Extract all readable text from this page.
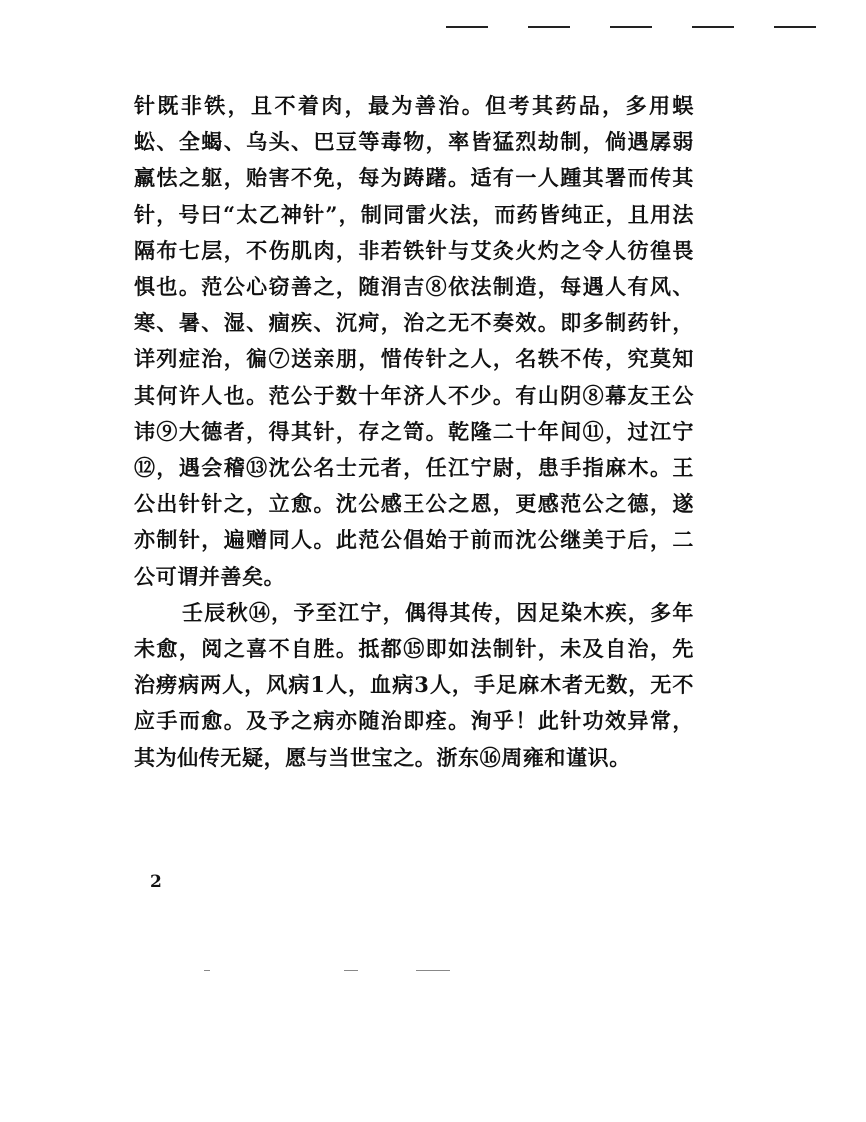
针既非铁，且不着肉，最为善治。但考其药品，多用蜈蚣、全蝎、乌头、巴豆等毒物，率皆猛烈劫制，倘遇孱弱羸怯之躯，贻害不免，每为踌躇。适有一人踵其署而传其针，号曰“太乙神针”，制同雷火法，而药皆纯正，且用法隔布七层，不伤肌肉，非若铁针与艾灸火灼之令人彷徨畏惧也。范公心窃善之，随涓吉⑧依法制造，每遇人有风、寒、暑、湿、痼疾、沉疴，治之无不奏效。即多制药针，详列症治，徧⑦送亲朋，惜传针之人，名轶不传，究莫知其何许人也。范公于数十年济人不少。有山阴⑧幕友王公讳⑨大德者，得其针，存之笥。乾隆二十年间⑪，过江宁⑫，遇会稽⑬沈公名士元者，任江宁尉，患手指麻木。王公出针针之，立愈。沈公感王公之恩，更感范公之德，遂亦制针，遍赠同人。此范公倡始于前而沈公继美于后，二公可谓并善矣。

壬辰秋⑭，予至江宁，偶得其传，因足染木疾，多年未愈，阅之喜不自胜。抵都⑮即如法制针，未及自治，先治痨病两人，风病1人，血病3人，手足麻木者无数，无不应手而愈。及予之病亦随治即痊。洵乎！此针功效异常，其为仙传无疑，愿与当世宝之。浙东⑯周雍和谨识。

2
